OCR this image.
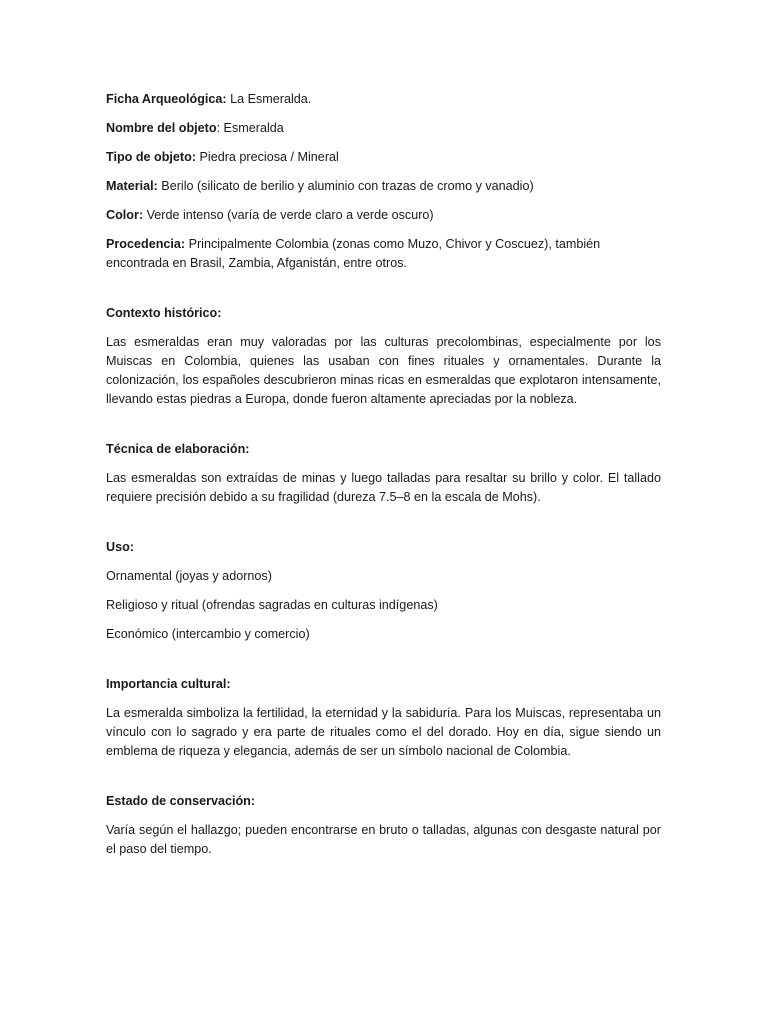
Ficha Arqueológica: La Esmeralda.

Nombre del objeto: Esmeralda

Tipo de objeto: Piedra preciosa / Mineral

Material: Berilo (silicato de berilio y aluminio con trazas de cromo y vanadio)

Color: Verde intenso (varía de verde claro a verde oscuro)

Procedencia: Principalmente Colombia (zonas como Muzo, Chivor y Coscuez), también encontrada en Brasil, Zambia, Afganistán, entre otros.

Contexto histórico:

Las esmeraldas eran muy valoradas por las culturas precolombinas, especialmente por los Muiscas en Colombia, quienes las usaban con fines rituales y ornamentales. Durante la colonización, los españoles descubrieron minas ricas en esmeraldas que explotaron intensamente, llevando estas piedras a Europa, donde fueron altamente apreciadas por la nobleza.

Técnica de elaboración:

Las esmeraldas son extraídas de minas y luego talladas para resaltar su brillo y color. El tallado requiere precisión debido a su fragilidad (dureza 7.5–8 en la escala de Mohs).

Uso:

Ornamental (joyas y adornos)

Religioso y ritual (ofrendas sagradas en culturas indígenas)

Económico (intercambio y comercio)

Importancia cultural:

La esmeralda simboliza la fertilidad, la eternidad y la sabiduría. Para los Muiscas, representaba un vínculo con lo sagrado y era parte de rituales como el del dorado. Hoy en día, sigue siendo un emblema de riqueza y elegancia, además de ser un símbolo nacional de Colombia.

Estado de conservación:

Varía según el hallazgo; pueden encontrarse en bruto o talladas, algunas con desgaste natural por el paso del tiempo.
